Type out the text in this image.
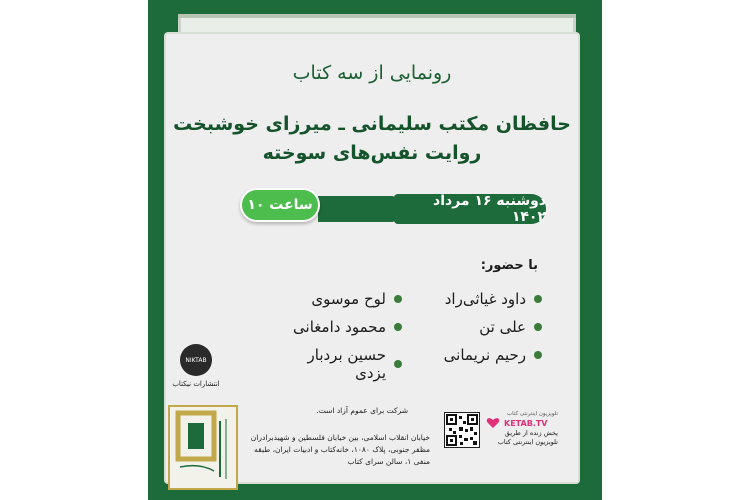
رونمایی از سه کتاب
حافظان مکتب سلیمانی ـ میرزای خوشبخت
روایت نفس‌های سوخته
دوشنبه ۱۶ مرداد ۱۴۰۲
ساعت ۱۰
با حضور:
داود غیاثی‌راد
علی تن
رحیم نریمانی
لوح موسوی
محمود دامغانی
حسین بردبار یزدی
NIKTAB
انتشارات نیکتاب
شرکت برای عموم آزاد است.
خیابان انقلاب اسلامی، بین خیابان فلسطین و شهیدبرادران مظفر جنوبی، پلاک ۱۰۸۰، خانه‌کتاب و ادبیات ایران، طبقه منفی ۱، سالن سرای کتاب
تلویزیون اینترنتی کتاب
KETAB.TV
پخش زنده از طریق تلویزیون اینترنتی کتاب
